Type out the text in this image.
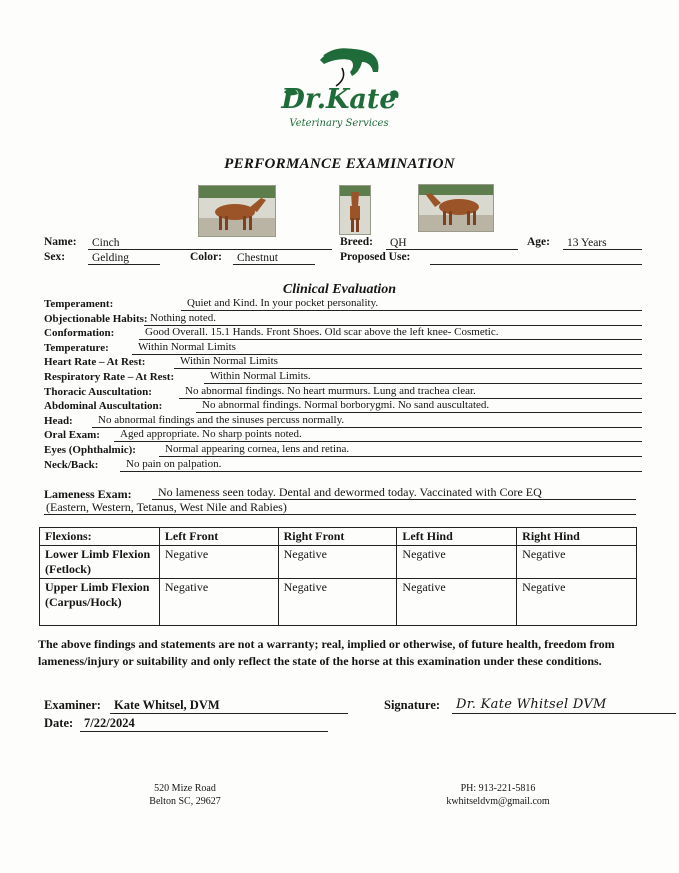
Dr.Kate
Veterinary Services
PERFORMANCE EXAMINATION
Name:	Cinch	Breed:	QH	Age:	13 Years
Sex:	Gelding	Color:	Chestnut	Proposed Use:
Clinical Evaluation
Temperament:	Quiet and Kind. In your pocket personality.
Objectionable Habits: Nothing noted.
Conformation:	Good Overall. 15.1 Hands. Front Shoes. Old scar above the left knee- Cosmetic.
Temperature:	Within Normal Limits
Heart Rate – At Rest:	Within Normal Limits
Respiratory Rate – At Rest:	Within Normal Limits.
Thoracic Auscultation:	No abnormal findings. No heart murmurs. Lung and trachea clear.
Abdominal Auscultation:	No abnormal findings. Normal borborygmi. No sand auscultated.
Head:	No abnormal findings and the sinuses percuss normally.
Oral Exam:	Aged appropriate. No sharp points noted.
Eyes (Ophthalmic):	Normal appearing cornea, lens and retina.
Neck/Back:	No pain on palpation.
Lameness Exam:	No lameness seen today. Dental and dewormed today. Vaccinated with Core EQ
(Eastern, Western, Tetanus, West Nile and Rabies)
Flexions:	Left Front	Right Front	Left Hind	Right Hind
Lower Limb Flexion (Fetlock)	Negative	Negative	Negative	Negative
Upper Limb Flexion (Carpus/Hock)	Negative	Negative	Negative	Negative
The above findings and statements are not a warranty; real, implied or otherwise, of future health, freedom from lameness/injury or suitability and only reflect the state of the horse at this examination under these conditions.
Examiner:	Kate Whitsel, DVM
Date: 7/22/2024
Signature:	Dr. Kate Whitsel DVM
520 Mize Road
Belton SC, 29627
PH: 913-221-5816
kwhitseldvm@gmail.com
